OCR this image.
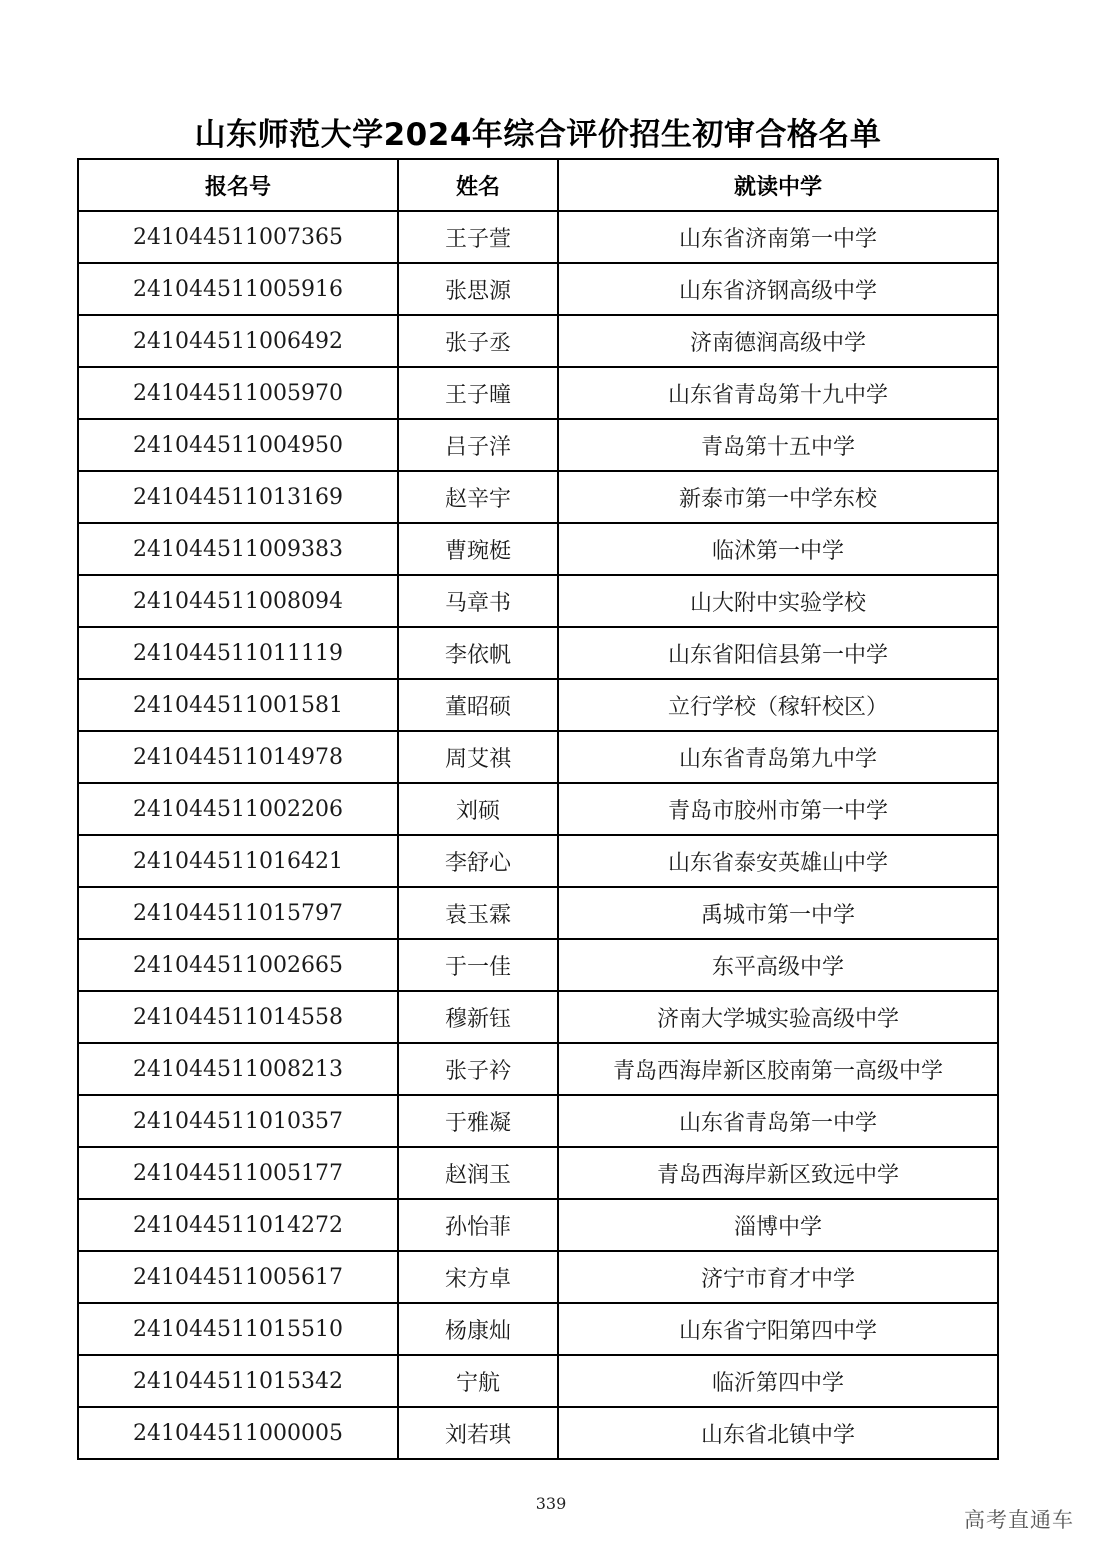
山东师范大学2024年综合评价招生初审合格名单
报名号	姓名	就读中学
241044511007365	王子萱	山东省济南第一中学
241044511005916	张思源	山东省济钢高级中学
241044511006492	张子丞	济南德润高级中学
241044511005970	王子曈	山东省青岛第十九中学
241044511004950	吕子洋	青岛第十五中学
241044511013169	赵辛宇	新泰市第一中学东校
241044511009383	曹琬梃	临沭第一中学
241044511008094	马章书	山大附中实验学校
241044511011119	李依帆	山东省阳信县第一中学
241044511001581	董昭硕	立行学校（稼轩校区）
241044511014978	周艾祺	山东省青岛第九中学
241044511002206	刘硕	青岛市胶州市第一中学
241044511016421	李舒心	山东省泰安英雄山中学
241044511015797	袁玉霖	禹城市第一中学
241044511002665	于一佳	东平高级中学
241044511014558	穆新钰	济南大学城实验高级中学
241044511008213	张子衿	青岛西海岸新区胶南第一高级中学
241044511010357	于雅凝	山东省青岛第一中学
241044511005177	赵润玉	青岛西海岸新区致远中学
241044511014272	孙怡菲	淄博中学
241044511005617	宋方卓	济宁市育才中学
241044511015510	杨康灿	山东省宁阳第四中学
241044511015342	宁航	临沂第四中学
241044511000005	刘若琪	山东省北镇中学
339
高考直通车
